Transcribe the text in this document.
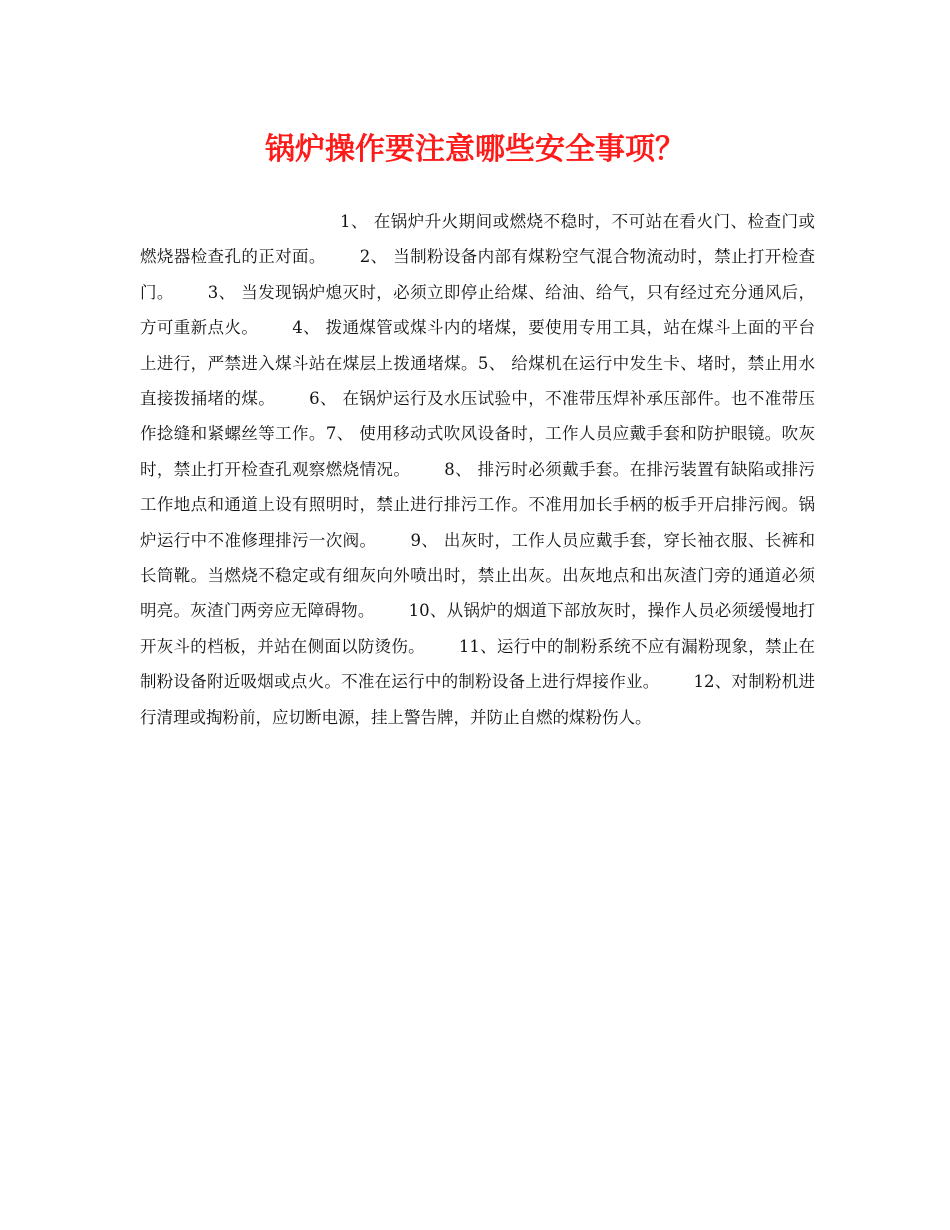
锅炉操作要注意哪些安全事项？
1、 在锅炉升火期间或燃烧不稳时，不可站在看火门、检查门或燃烧器检查孔的正对面。 2、 当制粉设备内部有煤粉空气混合物流动时，禁止打开检查门。 3、 当发现锅炉熄灭时，必须立即停止给煤、给油、给气，只有经过充分通风后，方可重新点火。 4、 拨通煤管或煤斗内的堵煤，要使用专用工具，站在煤斗上面的平台上进行，严禁进入煤斗站在煤层上拨通堵煤。5、 给煤机在运行中发生卡、堵时，禁止用水直接拨捅堵的煤。 6、 在锅炉运行及水压试验中，不准带压焊补承压部件。也不准带压作捻缝和紧螺丝等工作。7、 使用移动式吹风设备时，工作人员应戴手套和防护眼镜。吹灰时，禁止打开检查孔观察燃烧情况。 8、 排污时必须戴手套。在排污装置有缺陷或排污工作地点和通道上设有照明时，禁止进行排污工作。不准用加长手柄的板手开启排污阀。锅炉运行中不准修理排污一次阀。 9、 出灰时，工作人员应戴手套，穿长袖衣服、长裤和长筒靴。当燃烧不稳定或有细灰向外喷出时，禁止出灰。出灰地点和出灰渣门旁的通道必须明亮。灰渣门两旁应无障碍物。 10、从锅炉的烟道下部放灰时，操作人员必须缓慢地打开灰斗的档板，并站在侧面以防烫伤。 11、运行中的制粉系统不应有漏粉现象，禁止在制粉设备附近吸烟或点火。不准在运行中的制粉设备上进行焊接作业。 12、对制粉机进行清理或掏粉前，应切断电源，挂上警告牌，并防止自燃的煤粉伤人。
